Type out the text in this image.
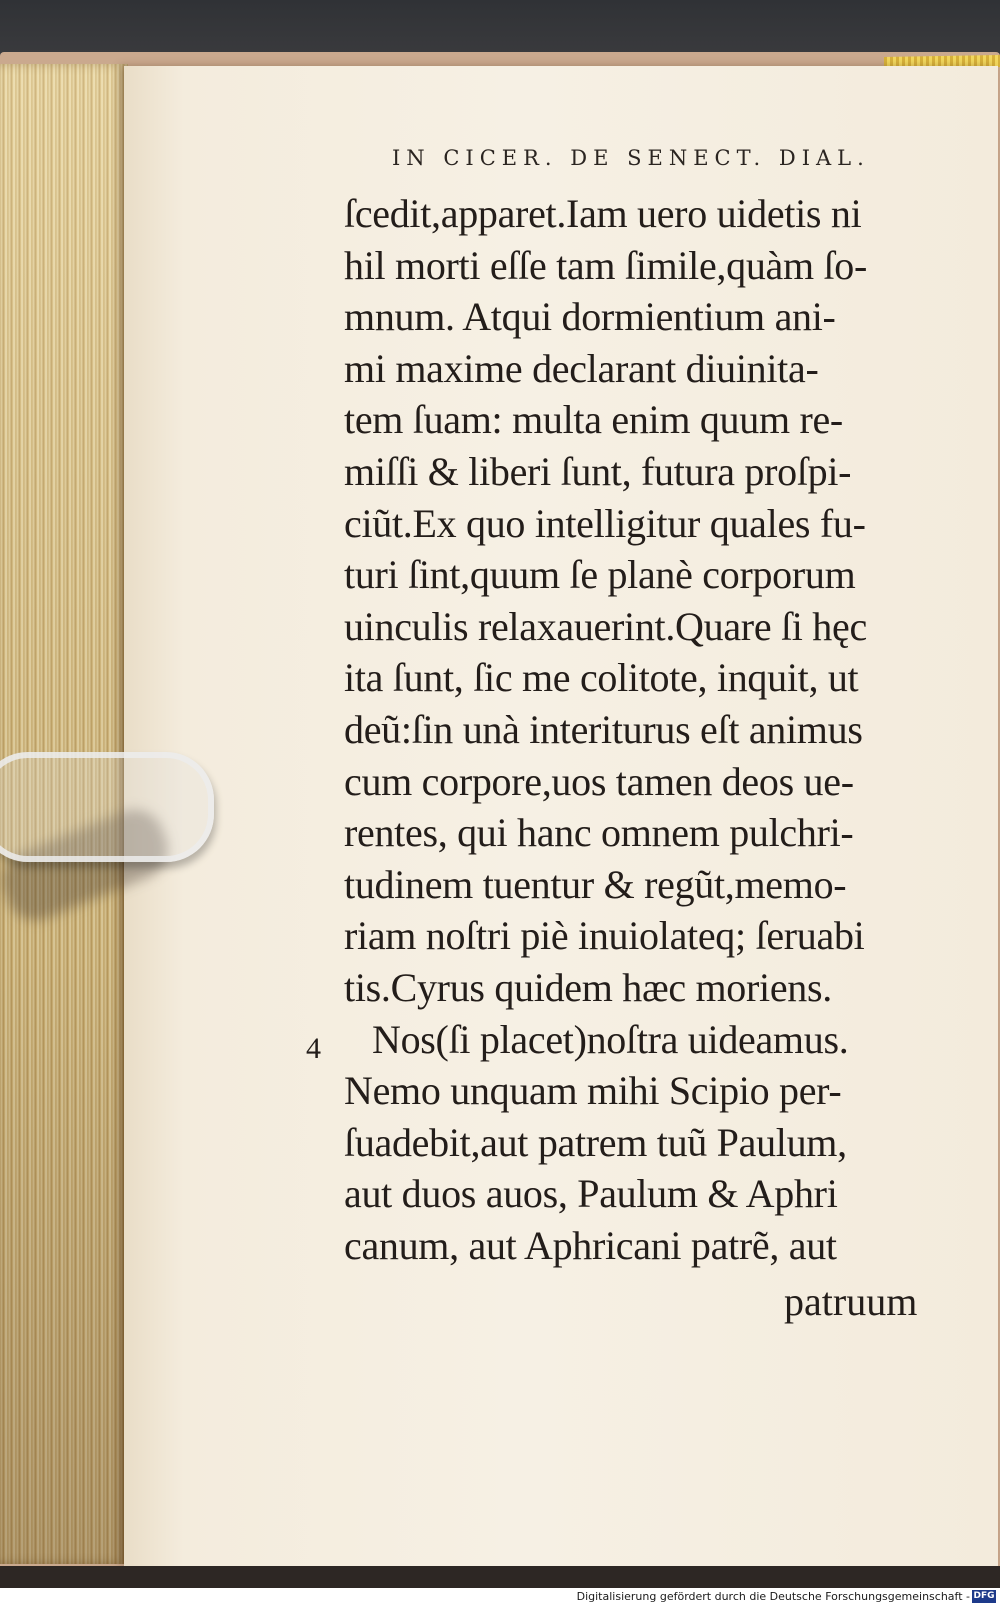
IN CICER. DE SENECT. DIAL.
ſcedit,apparet.Iam uero uidetis ni
hil morti eſſe tam ſimile,quàm ſo-
mnum. Atqui dormientium ani-
mi maxime declarant diuinita-
tem ſuam: multa enim quum re-
miſſi & liberi ſunt, futura proſpi-
ciũt.Ex quo intelligitur quales fu-
turi ſint,quum ſe planè corporum
uinculis relaxauerint.Quare ſi hęc
ita ſunt, ſic me colitote, inquit, ut
deũ:ſin unà interiturus eſt animus
cum corpore,uos tamen deos ue-
rentes, qui hanc omnem pulchri-
tudinem tuentur & regũt,memo-
riam noſtri piè inuiolateq; ſeruabi
tis.Cyrus quidem hæc moriens.
Nos(ſi placet)noſtra uideamus.
Nemo unquam mihi Scipio per-
ſuadebit,aut patrem tuũ Paulum,
aut duos auos, Paulum & Aphri
canum, aut Aphricani patrẽ, aut
4
patruum
Digitalisierung gefördert durch die Deutsche Forschungsgemeinschaft - DFG
